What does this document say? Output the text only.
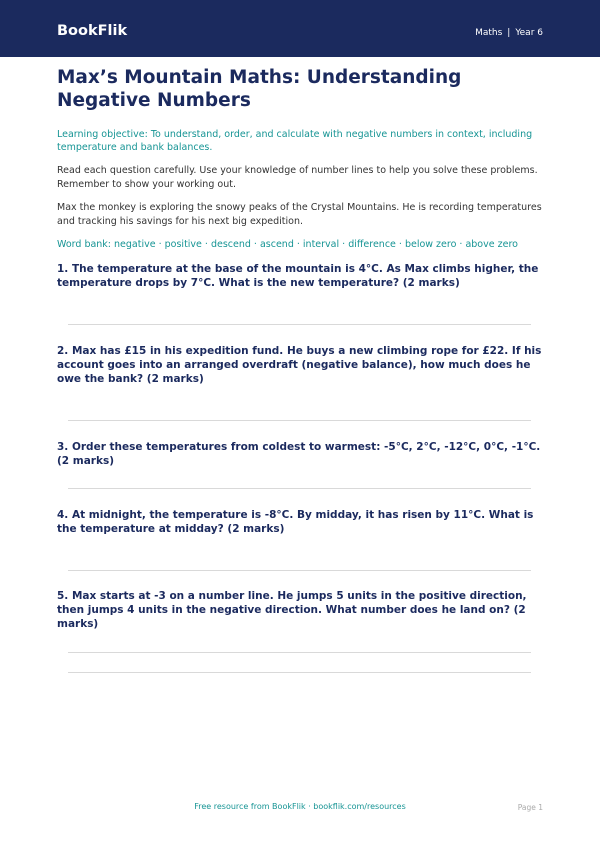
BookFlik	Maths | Year 6
Max’s Mountain Maths: Understanding Negative Numbers

Learning objective: To understand, order, and calculate with negative numbers in context, including temperature and bank balances.

Read each question carefully. Use your knowledge of number lines to help you solve these problems. Remember to show your working out.

Max the monkey is exploring the snowy peaks of the Crystal Mountains. He is recording temperatures and tracking his savings for his next big expedition.

Word bank: negative · positive · descend · ascend · interval · difference · below zero · above zero

1. The temperature at the base of the mountain is 4°C. As Max climbs higher, the temperature drops by 7°C. What is the new temperature? (2 marks)
2. Max has £15 in his expedition fund. He buys a new climbing rope for £22. If his account goes into an arranged overdraft (negative balance), how much does he owe the bank? (2 marks)
3. Order these temperatures from coldest to warmest: -5°C, 2°C, -12°C, 0°C, -1°C. (2 marks)
4. At midnight, the temperature is -8°C. By midday, it has risen by 11°C. What is the temperature at midday? (2 marks)
5. Max starts at -3 on a number line. He jumps 5 units in the positive direction, then jumps 4 units in the negative direction. What number does he land on? (2 marks)
Free resource from BookFlik · bookflik.com/resources	Page 1
